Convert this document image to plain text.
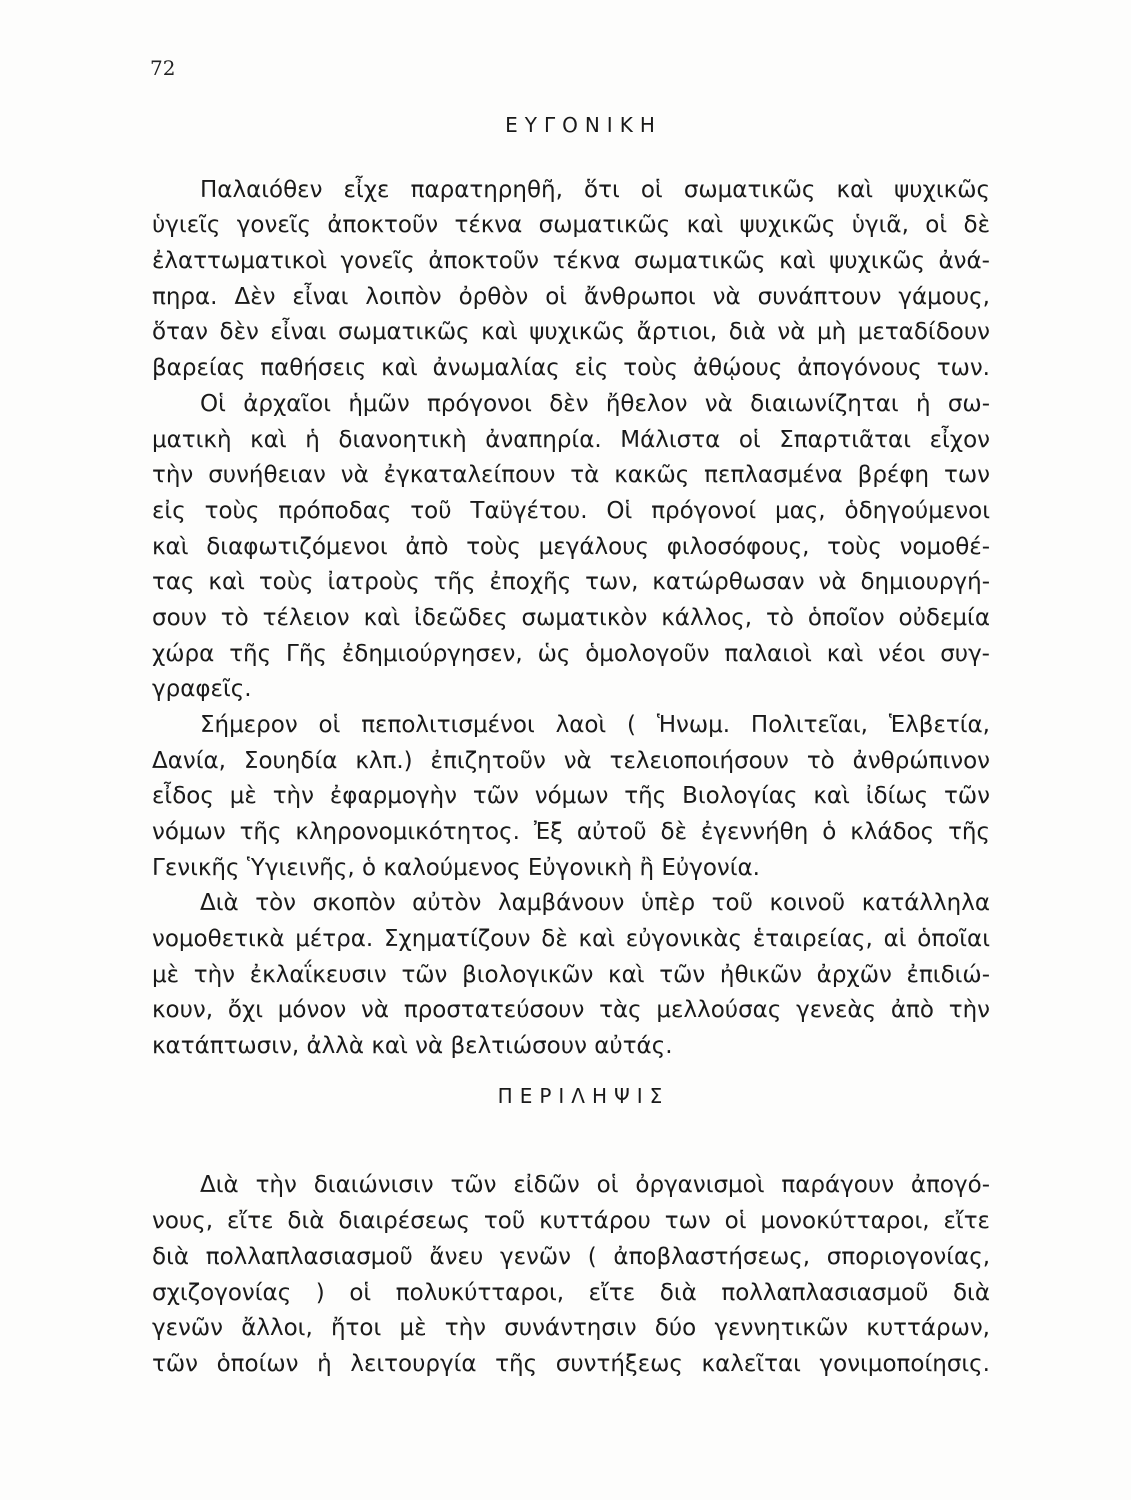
72
ΕΥΓΟΝΙΚΗ
Παλαιόθεν εἶχε παρατηρηθῆ, ὅτι οἱ σωματικῶς καὶ ψυχικῶς
ὑγιεῖς γονεῖς ἀποκτοῦν τέκνα σωματικῶς καὶ ψυχικῶς ὑγιᾶ, οἱ δὲ
ἐλαττωματικοὶ γονεῖς ἀποκτοῦν τέκνα σωματικῶς καὶ ψυχικῶς ἀνά-
πηρα. Δὲν εἶναι λοιπὸν ὀρθὸν οἱ ἄνθρωποι νὰ συνάπτουν γάμους,
ὅταν δὲν εἶναι σωματικῶς καὶ ψυχικῶς ἄρτιοι, διὰ νὰ μὴ μεταδίδουν
βαρείας παθήσεις καὶ ἀνωμαλίας εἰς τοὺς ἀθῴους ἀπογόνους των.
Οἱ ἀρχαῖοι ἡμῶν πρόγονοι δὲν ἤθελον νὰ διαιωνίζηται ἡ σω-
ματικὴ καὶ ἡ διανοητικὴ ἀναπηρία. Μάλιστα οἱ Σπαρτιᾶται εἶχον
τὴν συνήθειαν νὰ ἐγκαταλείπουν τὰ κακῶς πεπλασμένα βρέφη των
εἰς τοὺς πρόποδας τοῦ Ταϋγέτου. Οἱ πρόγονοί μας, ὁδηγούμενοι
καὶ διαφωτιζόμενοι ἀπὸ τοὺς μεγάλους φιλοσόφους, τοὺς νομοθέ-
τας καὶ τοὺς ἰατροὺς τῆς ἐποχῆς των, κατώρθωσαν νὰ δημιουργή-
σουν τὸ τέλειον καὶ ἰδεῶδες σωματικὸν κάλλος, τὸ ὁποῖον οὐδεμία
χώρα τῆς Γῆς ἐδημιούργησεν, ὡς ὁμολογοῦν παλαιοὶ καὶ νέοι συγ-
γραφεῖς.
Σήμερον οἱ πεπολιτισμένοι λαοὶ ( Ἡνωμ. Πολιτεῖαι, Ἑλβετία,
Δανία, Σουηδία κλπ.) ἐπιζητοῦν νὰ τελειοποιήσουν τὸ ἀνθρώπινον
εἶδος μὲ τὴν ἐφαρμογὴν τῶν νόμων τῆς Βιολογίας καὶ ἰδίως τῶν
νόμων τῆς κληρονομικότητος. Ἐξ αὐτοῦ δὲ ἐγεννήθη ὁ κλάδος τῆς
Γενικῆς Ὑγιεινῆς, ὁ καλούμενος Εὐγονικὴ ἢ Εὐγονία.
Διὰ τὸν σκοπὸν αὐτὸν λαμβάνουν ὑπὲρ τοῦ κοινοῦ κατάλληλα
νομοθετικὰ μέτρα. Σχηματίζουν δὲ καὶ εὐγονικὰς ἑταιρείας, αἱ ὁποῖαι
μὲ τὴν ἐκλαΐκευσιν τῶν βιολογικῶν καὶ τῶν ἠθικῶν ἀρχῶν ἐπιδιώ-
κουν, ὄχι μόνον νὰ προστατεύσουν τὰς μελλούσας γενεὰς ἀπὸ τὴν
κατάπτωσιν, ἀλλὰ καὶ νὰ βελτιώσουν αὐτάς.
ΠΕΡΙΛΗΨΙΣ
Διὰ τὴν διαιώνισιν τῶν εἰδῶν οἱ ὀργανισμοὶ παράγουν ἀπογό-
νους, εἴτε διὰ διαιρέσεως τοῦ κυττάρου των οἱ μονοκύτταροι, εἴτε
διὰ πολλαπλασιασμοῦ ἄνευ γενῶν ( ἀποβλαστήσεως, σποριογονίας,
σχιζογονίας ) οἱ πολυκύτταροι, εἴτε διὰ πολλαπλασιασμοῦ διὰ
γενῶν ἄλλοι, ἤτοι μὲ τὴν συνάντησιν δύο γεννητικῶν κυττάρων,
τῶν ὁποίων ἡ λειτουργία τῆς συντήξεως καλεῖται γονιμοποίησις.
